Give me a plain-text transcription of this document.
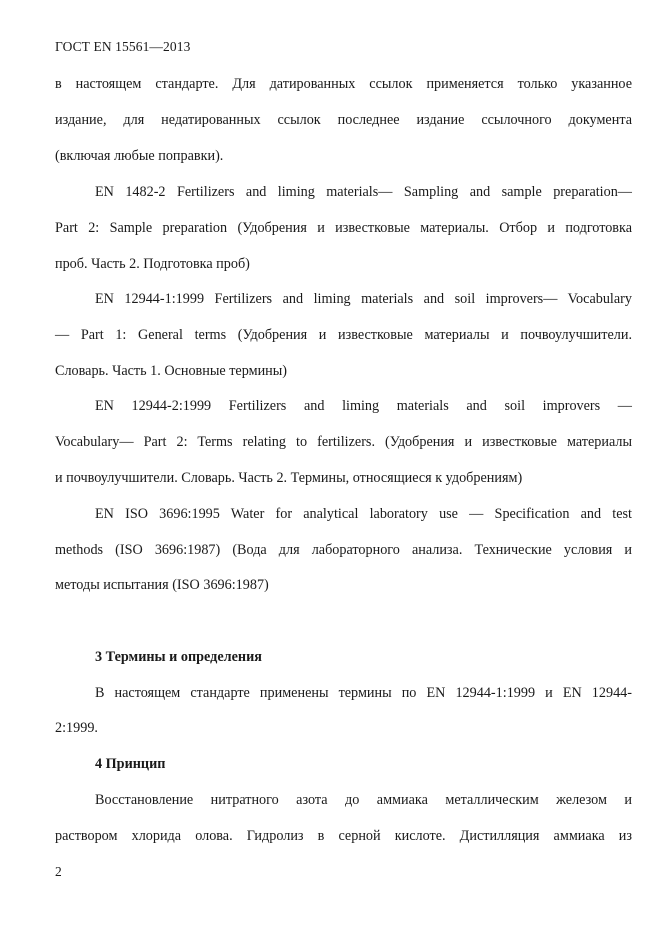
ГОСТ EN 15561—2013
в настоящем стандарте. Для датированных ссылок применяется только указанное
издание, для недатированных ссылок последнее издание ссылочного документа
(включая любые поправки).
EN 1482-2 Fertilizers and liming materials— Sampling and sample preparation—
Part 2: Sample preparation (Удобрения и известковые материалы. Отбор и подготовка
проб. Часть 2. Подготовка проб)
EN 12944-1:1999 Fertilizers and liming materials and soil improvers— Vocabulary
— Part 1: General terms (Удобрения и известковые материалы и почвоулучшители.
Словарь. Часть 1. Основные термины)
EN 12944-2:1999 Fertilizers and liming materials and soil improvers —
Vocabulary— Part 2: Terms relating to fertilizers. (Удобрения и известковые материалы
и почвоулучшители. Словарь. Часть 2. Термины, относящиеся к удобрениям)
EN ISO 3696:1995 Water for analytical laboratory use — Specification and test
methods (ISO 3696:1987) (Вода для лабораторного анализа. Технические условия и
методы испытания (ISO 3696:1987)
3 Термины и определения
В настоящем стандарте применены термины по EN 12944-1:1999 и EN 12944-
2:1999.
4 Принцип
Восстановление нитратного азота до аммиака металлическим железом и
раствором хлорида олова. Гидролиз в серной кислоте. Дистилляция аммиака из
2
